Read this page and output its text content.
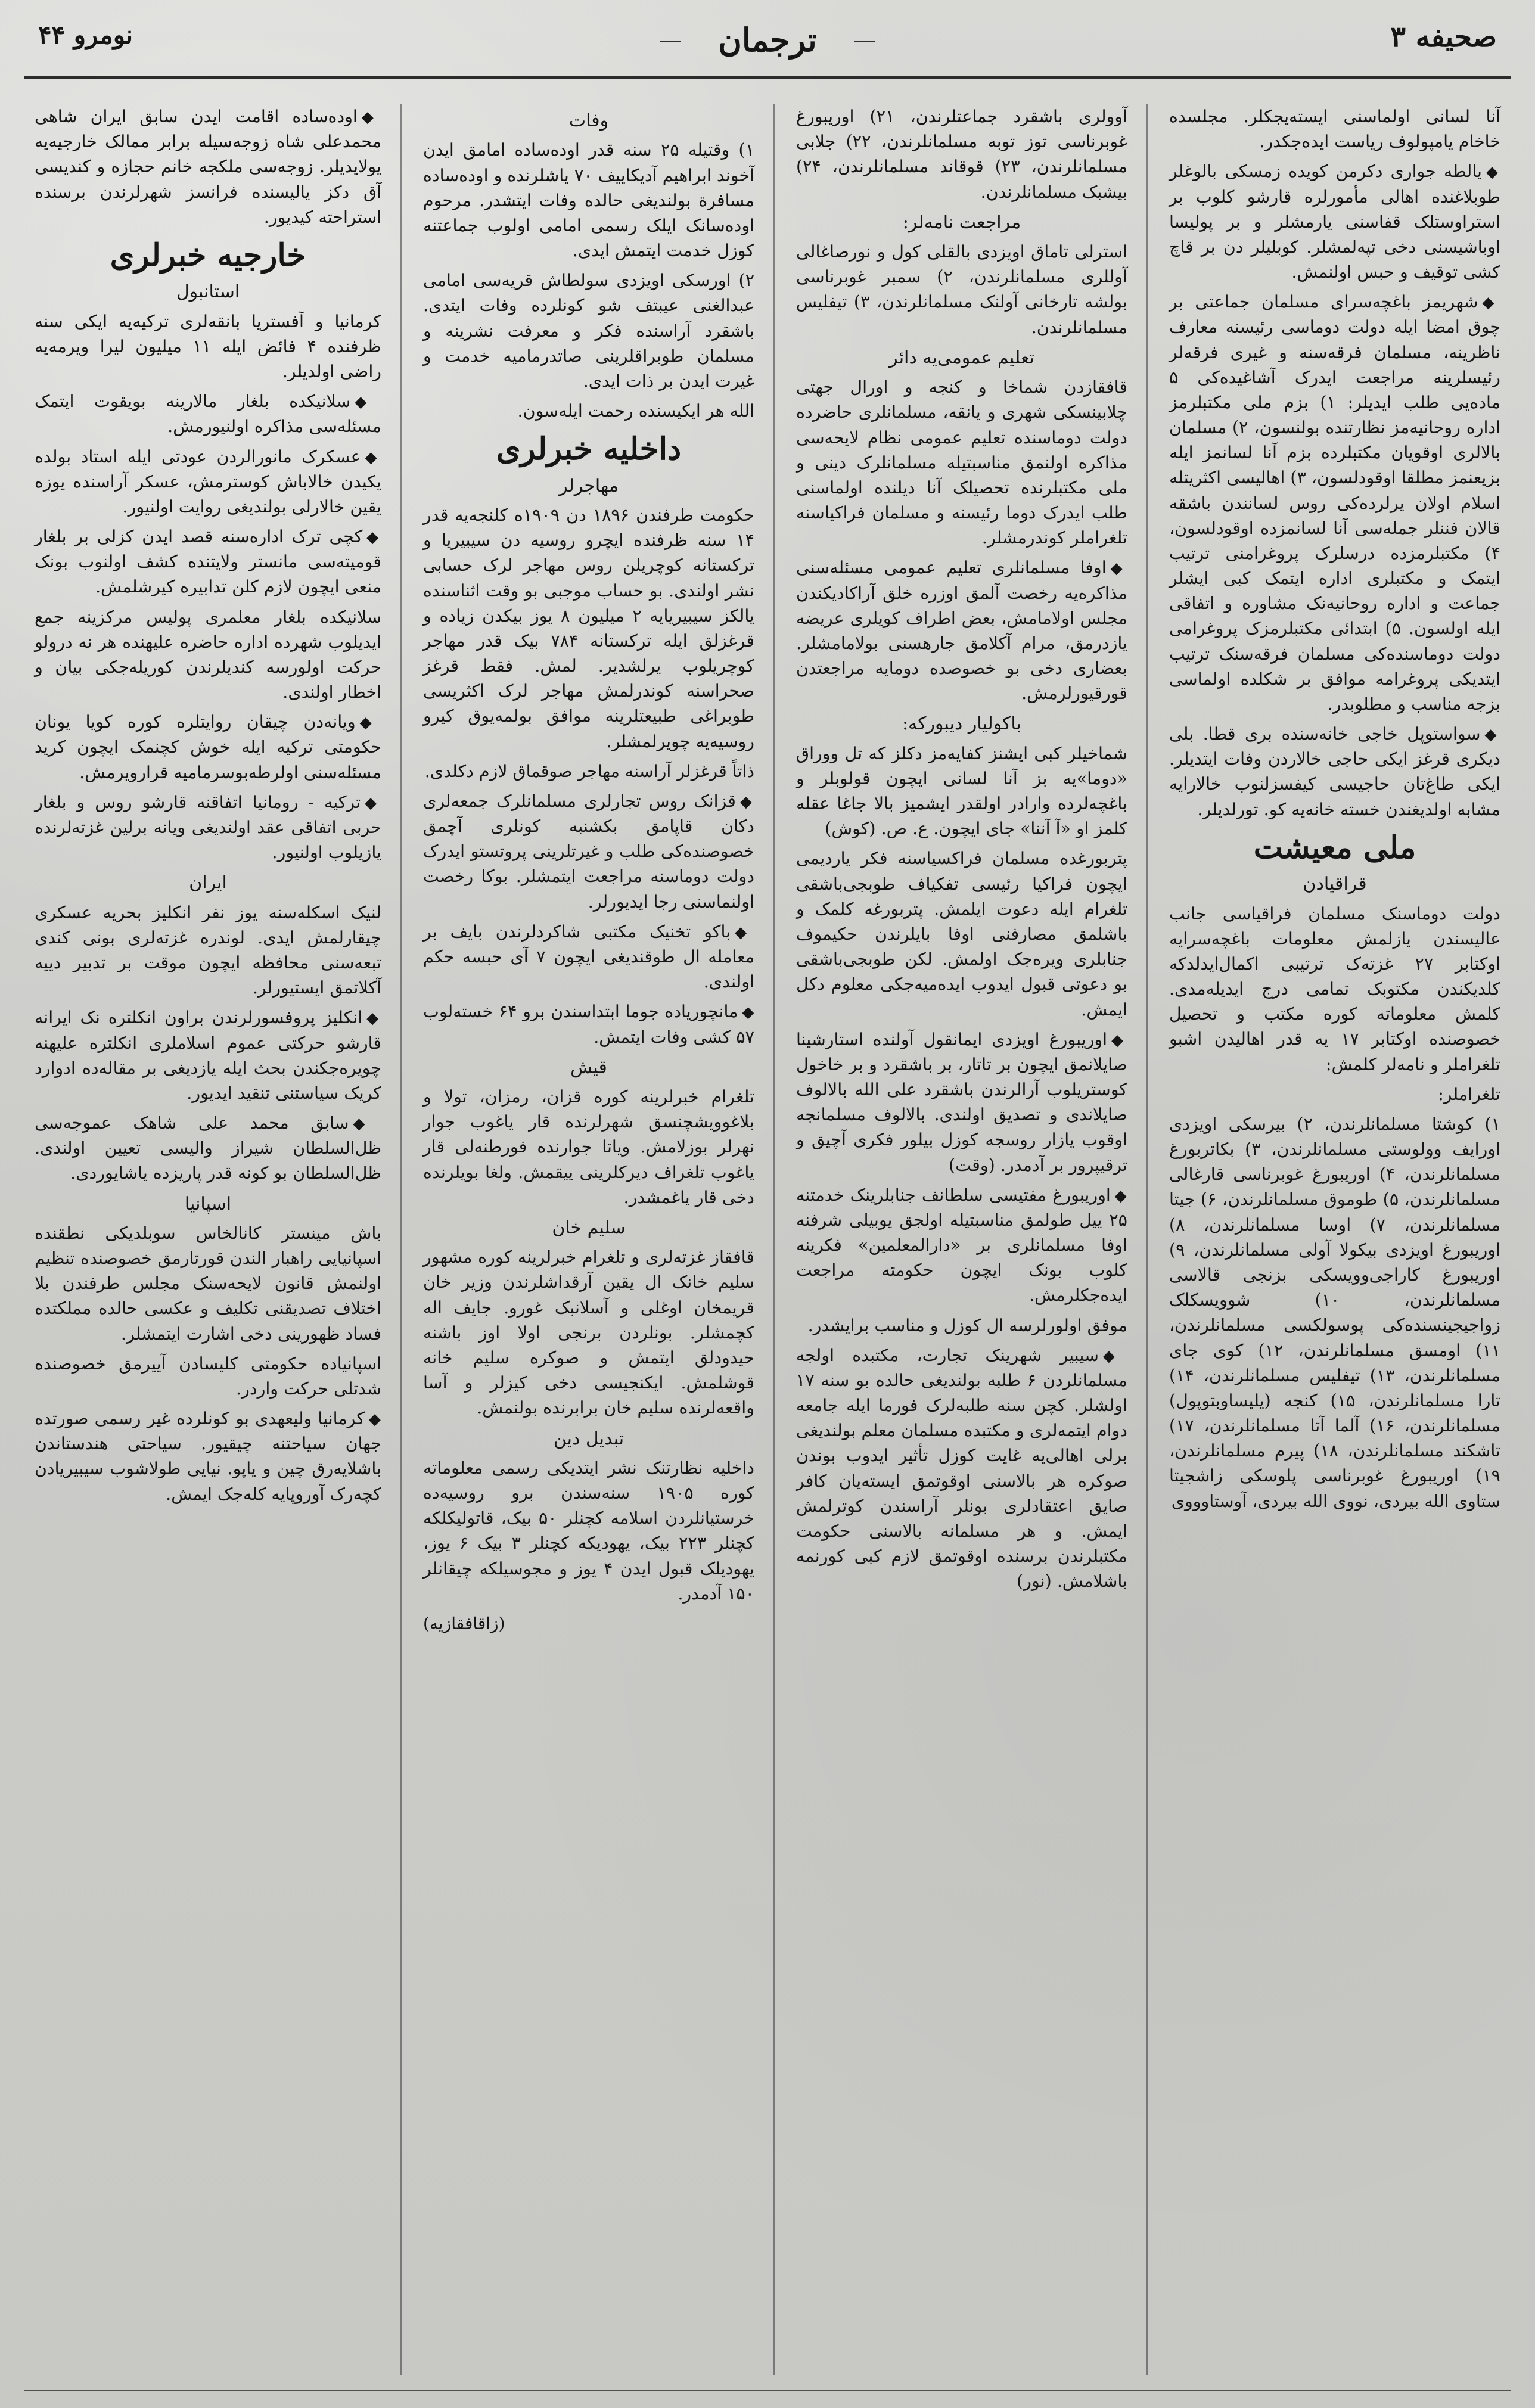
صحیفه ۳
ترجمان
نومرو ۴۴

آنا لسانی اولماسنی ایسته‌یجکلر. مجلسده خاخام یامپولوف ریاست ایده‌جکدر.

◆یالطه جواری دکرمن کویده زمسکی بالوغلر طوبلاغنده اهالی مأمورلره قارشو کلوب بر استراوستلک قفاسنی یارمشلر و بر پولیسا اوباشیسنی دخی تپه‌لمشلر. کوبلیلر دن بر قاچ کشی توقیف و حبس اولنمش.

◆شهریمز باغچه‌سرای مسلمان جماعتی بر چوق امضا ایله دولت دوماسی رئیسنه معارف ناظرینه، مسلمان فرقه‌سنه و غیری فرقه‌لر رئیسلرینه مراجعت ایدرک آشاغیده‌کی ۵ ماده‌یی طلب ایدیلر: ۱) بزم ملی مکتبلرمز اداره روحانیه‌مز نظارتنده بولنسون، ۲) مسلمان بالالری اوقویان مکتبلرده بزم آنا لسانمز ایله بزیعنمز مطلقا اوقودلسون، ۳) اهالیسی اکثریتله اسلام اولان یرلرده‌کی روس لسانندن باشقه قالان فننلر جمله‌سی آنا لسانمزده اوقودلسون، ۴) مکتبلرمزده درسلرک پروغرامنی ترتیب ایتمک و مکتبلری اداره ایتمک کبی ایشلر جماعت و اداره روحانیه‌نک مشاوره و اتفاقی ایله اولسون. ۵) ابتدائی مکتبلرمزک پروغرامی دولت دوماسنده‌کی مسلمان فرقه‌سنک ترتیب ایتدیکی پروغرامه موافق بر شکلده اولماسی بزجه مناسب و مطلوبدر.

◆سواستوپل خاجی خانه‌سنده بری قطا. بلی دیکری قرغز ایکی حاجی خالاردن وفات ایتدیلر. ایکی طاغ‌تان حاجیسی کیفسزلنوب خالارایه مشابه اولدیغندن خسته خانه‌یه کو. تورلدیلر.

ملی معیشت
قراقیادن

دولت دوماسنک مسلمان فراقیاسی جانب عالیسندن یازلمش معلومات باغچه‌سرایه اوکتابر ۲۷ غزته‌ک ترتیبی اکمال‌ایدلدکه کلدیکندن مکتوبک تمامی درج ایدیله‌مدی. کلمش معلوماته کوره مکتب و تحصیل خصوصنده اوکتابر ۱۷ یه قدر اهالیدن اشبو تلغراملر و نامه‌لر کلمش:

تلغراملر:

۱) کوشتا مسلمانلرندن، ۲) بیرسکی اویزدی اورایف وولوستی مسلمانلرندن، ۳) بکاتربورغ مسلمانلرندن، ۴) اوریبورغ غوبرناسی قارغالی مسلمانلرندن، ۵) طوموق مسلمانلرندن، ۶) جیتا مسلمانلرندن، ۷) اوسا مسلمانلرندن، ۸) اوریبورغ اویزدی بیکولا آولی مسلمانلرندن، ۹) اوریبورغ کاراجی‌وویسکی بزنجی قالاسی مسلمانلرندن، ۱۰) شوویسکلک زواجیجینسنده‌کی پوسولکسی مسلمانلرندن، ۱۱) اومسق مسلمانلرندن، ۱۲) کوی جای مسلمانلرندن، ۱۳) تیفلیس مسلمانلرندن، ۱۴) تارا مسلمانلرندن، ۱۵) کنجه (یلیساوبتوپول) مسلمانلرندن، ۱۶) آلما آتا مسلمانلرندن، ۱۷) تاشکند مسلمانلرندن، ۱۸) پیرم مسلمانلرندن، ۱۹) اوریبورغ غوبرناسی پلوسکی زاشجیتا ستاوی الله بیردی، نووی الله بیردی، آوستاوووی

آوولری باشقرد جماعتلرندن، ۲۱) اوریبورغ غوبرناسی توز توبه مسلمانلرندن، ۲۲) جلابی مسلمانلرندن، ۲۳) قوقاند مسلمانلرندن، ۲۴) بیشبک مسلمانلرندن.

مراجعت نامه‌لر:

استرلی تاماق اویزدی بالقلی کول و نورصاغالی آوللری مسلمانلرندن، ۲) سمبر غوبرناسی بولشه تارخانی آولنک مسلمانلرندن، ۳) تیفلیس مسلمانلرندن.

تعلیم عمومی‌یه دائر

قافقازدن شماخا و کنجه و اورال جهتی چلابینسکی شهری و یانقه، مسلمانلری حاضرده دولت دوماسنده تعلیم عمومی نظام لایحه‌سی مذاکره اولنمق مناسبتیله مسلمانلرک دینی و ملی مکتبلرنده تحصیلک آنا دیلنده اولماسنی طلب ایدرک دوما رئیسنه و مسلمان فراکیاسنه تلغراملر کوندرمشلر.

◆اوفا مسلمانلری تعلیم عمومی مسئله‌سنی مذاکره‌یه رخصت آلمق اوزره خلق آراکادیکندن مجلس اولامامش، بعض اطراف کویلری عریضه یازدرمق، مرام آکلامق جارهسنی بولامامشلر. بعضاری دخی بو خصوصده دومایه مراجعتدن قورقیورلرمش.

باکولیار دیبورکه:

شماخیلر کبی ایشنز کفایه‌مز دکلز که تل ووراق «دوما»یه بز آنا لسانی ایچون قولوبلر و باغچه‌لرده وارادر اولقدر ایشمیز بالا جاغا عقله کلمز او «آ آننا» جای ایچون. ع. ص. (کوش)

پتربورغده مسلمان فراکسیاسنه فکر یاردیمی ایچون فراکیا رئیسی تفکیاف طوبجی‌باشقی تلغرام ایله دعوت ایلمش. پتربورغه کلمک و باشلمق مصارفنی اوفا بایلرندن حکیموف جنابلری ویره‌جک اولمش. لکن طوبجی‌باشقی بو دعوتی قبول ایدوب ایده‌میه‌جکی معلوم دکل ایمش.

◆اوریبورغ اویزدی ایمانقول آولنده استارشینا صایلانمق ایچون بر تاتار، بر باشقرد و بر خاخول کوستریلوب آرالرندن باشقرد علی الله بالالوف صایلاندی و تصدیق اولندی. بالالوف مسلمانجه اوقوب یازار روسجه کوزل بیلور فکری آچیق و ترقیپرور بر آدمدر. (وقت)

◆اوریبورغ مفتیسی سلطانف جنابلرینک خدمتنه ۲۵ ییل طولمق مناسبتیله اولجق یوبیلی شرفنه اوفا مسلمانلری بر «دارالمعلمین» فکرینه کلوب بونک ایچون حکومته مراجعت ایده‌جکلرمش.

موفق اولورلرسه ال کوزل و مناسب برایشدر.

◆سیبیر شهرینک تجارت، مکتبده اولجه مسلمانلردن ۶ طلبه بولندیغی حالده بو سنه ۱۷ اولشلر. کچن سنه طلبه‌لرک فورما ایله جامعه دوام ایتمه‌لری و مکتبده مسلمان معلم بولندیغی برلی اهالی‌یه غایت کوزل تأثیر ایدوب بوندن صوکره هر بالاسنی اوقوتمق ایسته‌یان کافر صایق اعتقادلری بونلر آراسندن کوترلمش ایمش. و هر مسلمانه بالاسنی حکومت مکتبلرندن برسنده اوقوتمق لازم کبی کورنمه باشلامش. (نور)

وفات

۱) وقتیله ۲۵ سنه قدر اوده‌ساده امامق ایدن آخوند ابراهیم آدیکاییف ۷۰ یاشلرنده و اوده‌ساده مسافرة بولندیغی حالده وفات ایتشدر. مرحوم اوده‌سانک ایلک رسمی امامی اولوب جماعتنه کوزل خدمت ایتمش ایدی.

۲) اورسکی اویزدی سولطاش قریه‌سی امامی عبدالغنی عیبتف شو کونلرده وفات ایتدی. باشقرد آراسنده فکر و معرفت نشرینه و مسلمان طوبراقلرینی صاتدرمامیه خدمت و غیرت ایدن بر ذات ایدی.

الله هر ایکیسنده رحمت ایله‌سون.

داخلیه خبرلری
مهاجرلر

حکومت طرفندن ۱۸۹۶ دن ۱۹۰۹ه کلنجه‌یه قدر ۱۴ سنه ظرفنده ایچرو روسیه دن سیبیریا و ترکستانه کوچریلن روس مهاجر لرک حسابی نشر اولندی. بو حساب موجبی بو وقت اثناسنده یالکز سیبیریایه ۲ میلیون ۸ یوز بیکدن زیاده و قرغزلق ایله ترکستانه ۷۸۴ بیک قدر مهاجر کوچریلوب یرلشدیر. لمش. فقط قرغز صحراسنه کوندرلمش مهاجر لرک اکثریسی طوبراغی طبیعتلرینه موافق بولمه‌یوق کیرو روسیه‌یه چویرلمشلر.

ذاتاً قرغزلر آراسنه مهاجر صوقماق لازم دکلدی.

◆قزانک روس تجارلری مسلمانلرک جمعه‌لری دکان قاپامق بکشنبه کونلری آچمق خصوصنده‌کی طلب و غیرتلرینی پروتستو ایدرک دولت دوماسنه مراجعت ایتمشلر. بوکا رخصت اولنماسنی رجا ایدیورلر.

◆باکو تخنیک مکتبی شاکردلرندن بایف بر معامله ال طوقندیغی ایچون ۷ آی حبسه حکم اولندی.

◆مانچوریاده جوما ابتداسندن برو ۶۴ خسته‌لوب ۵۷ کشی وفات ایتمش.

قیش

تلغرام خبرلرینه کوره قزان، رمزان، تولا و بلاغوویشچنسق شهرلرنده قار یاغوب جوار نهرلر بوزلامش. ویاتا جوارنده فورطنه‌لی قار یاغوب تلغراف دیرکلرینی ییقمش. ولغا بویلرنده دخی قار یاغمشدر.

سلیم خان

قافقاز غزته‌لری و تلغرام خبرلرینه کوره مشهور سلیم خانک ال یقین آرقداشلرندن وزیر خان قریمخان اوغلی و آسلانبک غورو. جایف اله کچمشلر. بونلردن برنجی اولا اوز باشنه حیدودلق ایتمش و صوکره سلیم خانه قوشلمش. ایکنجیسی دخی کیزلر و آسا واقعه‌لرنده سلیم خان برابرنده بولنمش.

تبدیل دین

داخلیه نظارتنک نشر ایتدیکی رسمی معلوماته کوره ۱۹۰۵ سنه‌سندن برو روسیه‌ده خرستیانلردن اسلامه کچنلر ۵۰ بیک، قاتولیکلکه کچنلر ۲۲۳ بیک، یهودیکه کچنلر ۳ بیک ۶ یوز، یهودیلک قبول ایدن ۴ یوز و مجوسیلکه چیقانلر ۱۵۰ آدمدر.

(زاقافقازیه)

◆اوده‌ساده اقامت ایدن سابق ایران شاهی محمدعلی شاه زوجه‌سیله برابر ممالک خارجیه‌یه یولایدیلر. زوجه‌سی ملکجه خانم حجازه و کندیسی آق دکز یالیسنده فرانسز شهرلرندن برسنده استراحته کیدیور.

خارجیه خبرلری
استانبول

کرمانیا و آفستریا بانقه‌لری ترکیه‌یه ایکی سنه ظرفنده ۴ فائض ایله ۱۱ میلیون لیرا ویرمه‌یه راضی اولدیلر.

◆سلانیکده بلغار مالارینه بویقوت ایتمک مسئله‌سی مذاکره اولنیورمش.

◆عسکرک مانورالردن عودتی ایله استاد بولده یکیدن خالاباش کوسترمش، عسکر آراسنده یوزه یقین خالارلی بولندیغی روایت اولنیور.

◆کچی ترک اداره‌سنه قصد ایدن کزلی بر بلغار قومیته‌سی مانستر ولایتنده کشف اولنوب بونک منعی ایچون لازم کلن تدابیره کیرشلمش.

سلانیکده بلغار معلمری پولیس مرکزینه جمع ایدیلوب شهرده اداره حاضره علیهنده هر نه درولو حرکت اولورسه کندیلرندن کوریله‌جکی بیان و اخطار اولندی.

◆ویانه‌دن چیقان روایتلره کوره کویا یونان حکومتی ترکیه ایله خوش کچنمک ایچون کرید مسئله‌سنی اولرطه‌بوسرمامیه قرارویرمش.

◆ترکیه - رومانیا اتفاقنه قارشو روس و بلغار حربی اتفاقی عقد اولندیغی ویانه برلین غزته‌لرنده یازیلوب اولنیور.

ایران

لنیک اسکله‌سنه یوز نفر انکلیز بحریه عسکری چیقارلمش ایدی. لوندره غزته‌لری بونی کندی تبعه‌سنی محافظه ایچون موقت بر تدبیر دییه آکلاتمق ایستیورلر.

◆انکلیز پروفسورلرندن براون انکلتره نک ایرانه قارشو حرکتی عموم اسلاملری انکلتره علیهنه چویره‌جکندن بحث ایله یازدیغی بر مقاله‌ده ادوارد کریک سیاستنی تنقید ایدیور.

◆سابق محمد علی شاهک عموجه‌سی ظل‌السلطان شیراز والیسی تعیین اولندی. ظل‌السلطان بو کونه قدر پاریزده یاشایوردی.

اسپانیا

باش مینستر کانالخاس سوبلدیکی نطقنده اسپانیایی راهبار الندن قورتارمق خصوصنده تنظیم اولنمش قانون لایحه‌سنک مجلس طرفندن بلا اختلاف تصدیقنی تکلیف و عکسی حالده مملکتده فساد ظهورینی دخی اشارت ایتمشلر.

اسپانیاده حکومتی کلیسادن آییرمق خصوصنده شدتلی حرکت واردر.

◆کرمانیا ولیعهدی بو کونلرده غیر رسمی صورتده جهان سیاحتنه چیقیور. سیاحتی هندستاندن باشلایه‌رق چین و یاپو. نیایی طولاشوب سیبیریادن کچه‌رک آوروپایه کله‌جک ایمش.
